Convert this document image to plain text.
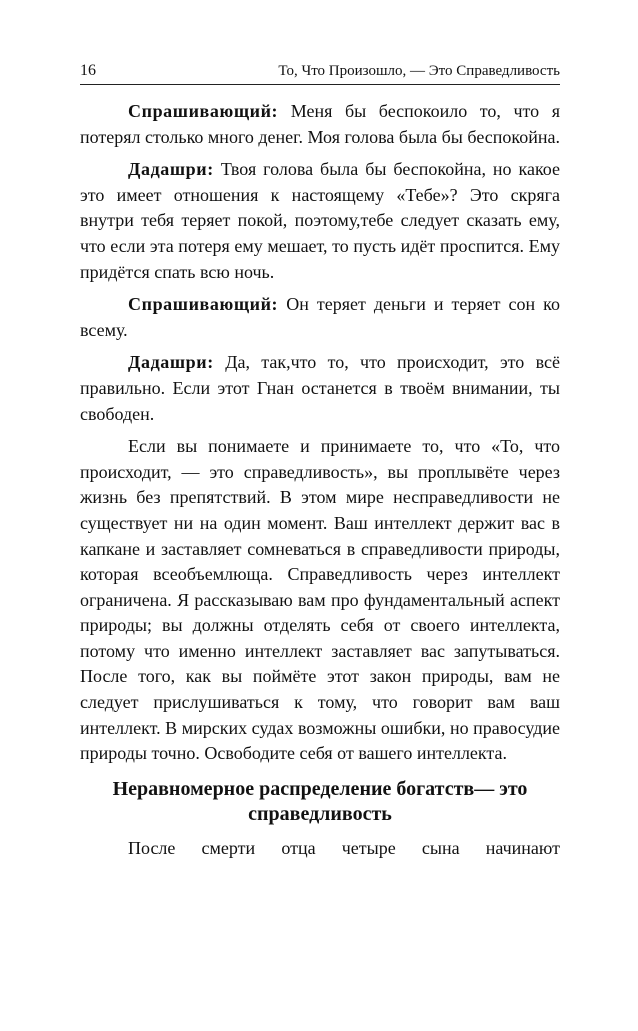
16	То, Что Произошло, — Это Справедливость

Спрашивающий: Меня бы беспокоило то, что я потерял столько много денег. Моя голова была бы беспокойна.

Дадашри: Твоя голова была бы беспокойна, но какое это имеет отношения к настоящему «Тебе»? Это скряга внутри тебя теряет покой, поэтому,тебе следует сказать ему, что если эта потеря ему мешает, то пусть идёт проспится. Ему придётся спать всю ночь.

Спрашивающий: Он теряет деньги и теряет сон ко всему.

Дадашри: Да, так,что то, что происходит, это всё правильно. Если этот Гнан останется в твоём внимании, ты свободен.

Если вы понимаете и принимаете то, что «То, что происходит, — это справедливость», вы проплывёте через жизнь без препятствий. В этом мире несправедливости не существует ни на один момент. Ваш интеллект держит вас в капкане и заставляет сомневаться в справедливости природы, которая всеобъемлюща. Справедливость через интеллект ограничена. Я рассказываю вам про фундаментальный аспект природы; вы должны отделять себя от своего интеллекта, потому что именно интеллект заставляет вас запутываться. После того, как вы поймёте этот закон природы, вам не следует прислушиваться к тому, что говорит вам ваш интеллект. В мирских судах возможны ошибки, но правосудие природы точно. Освободите себя от вашего интеллекта.

Неравномерное распределение богатств— это справедливость

После смерти отца четыре сына начинают
